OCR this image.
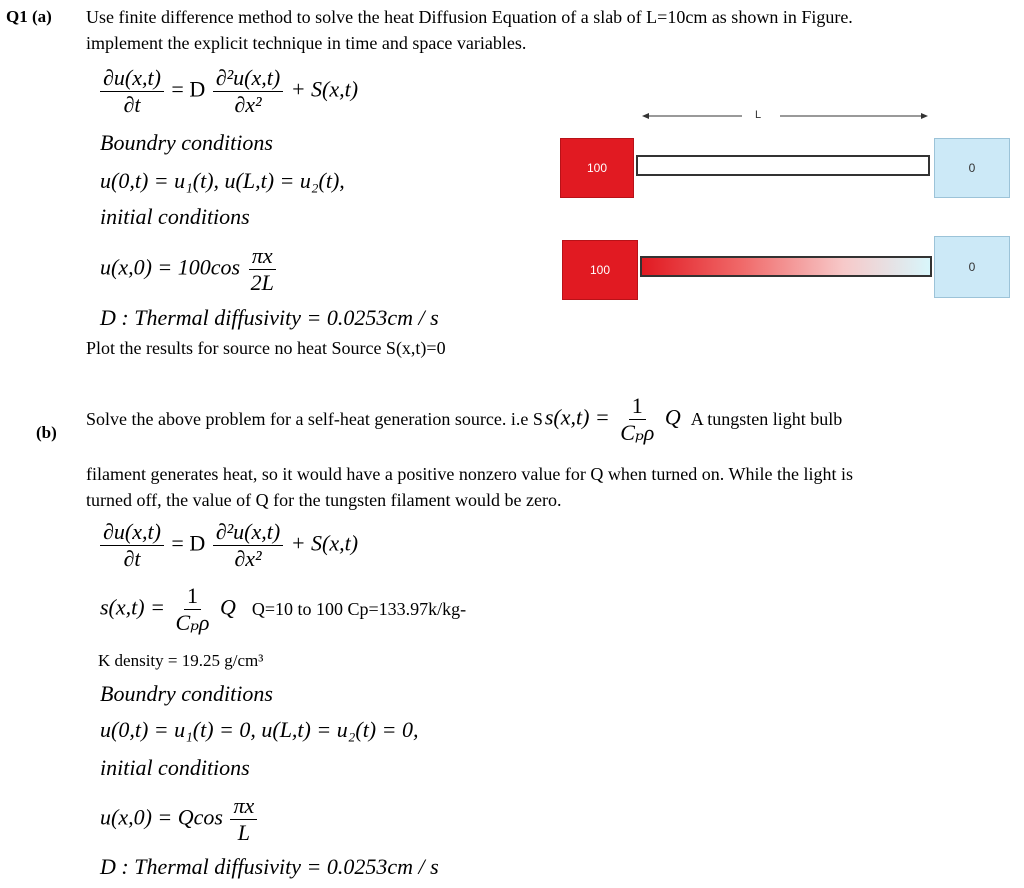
Q1 (a) Use finite difference method to solve the heat Diffusion Equation of a slab of L=10cm as shown in Figure.
implement the explicit technique in time and space variables.
$\frac{\partial u(x,t)}{\partial t} = D \frac{\text{∂²u(x,t)}}{\text{∂x²}} + S(x,t)$
Boundry conditions
u(0,t) = u₁(t), u(L,t) = u₂(t),
initial conditions
$u(x,0) = 100\cos \frac{\pi x}{2L}$
D : Thermal diffusivity = 0.0253cm / s
Plot the results for source no heat Source S(x,t)=0
L
100	0
100	0
(b)
Solve the above problem for a self-heat generation source. i.e S $s(x,t) = \frac{1}{\text{Cₚρ}}$ Q A tungsten light bulb
filament generates heat, so it would have a positive nonzero value for Q when turned on. While the light is
turned off, the value of Q for the tungsten filament would be zero.
$\frac{\partial u(x,t)}{\partial t} = D \frac{\text{∂²u(x,t)}}{\text{∂x²}} + S(x,t)$
$s(x,t) = \frac{1}{\text{Cₚρ}}$ Q Q=10 to 100 Cp=133.97k/kg-
K density = 19.25 g/cm³
Boundry conditions
u(0,t) = u₁(t) = 0, u(L,t) = u₂(t) = 0,
initial conditions
u(x,0) = Qcos $\frac{\pi x}{L}$
D : Thermal diffusivity = 0.0253cm / s
